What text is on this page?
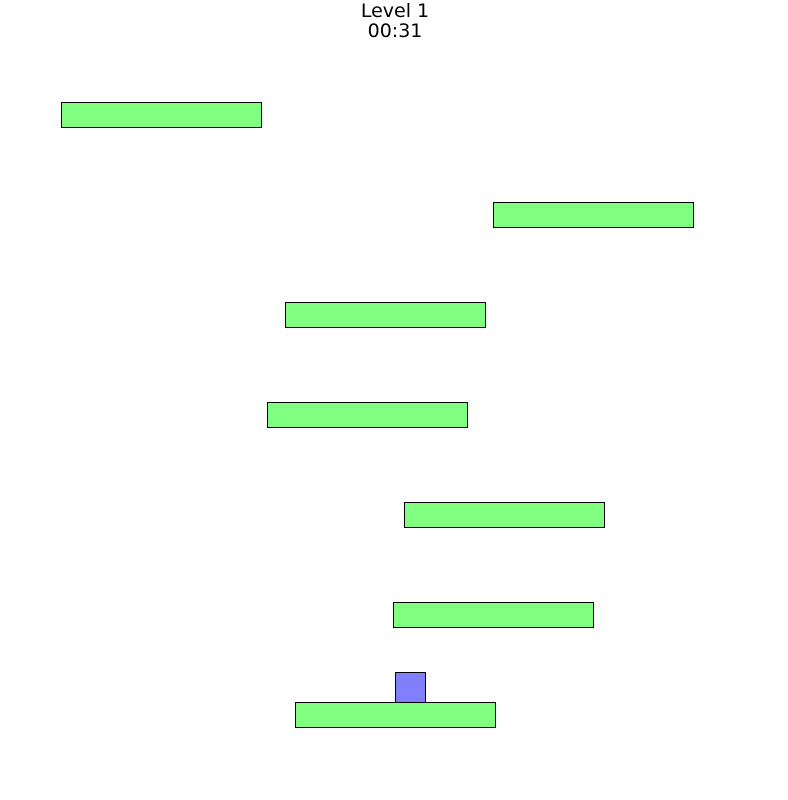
Level 1
00:31
